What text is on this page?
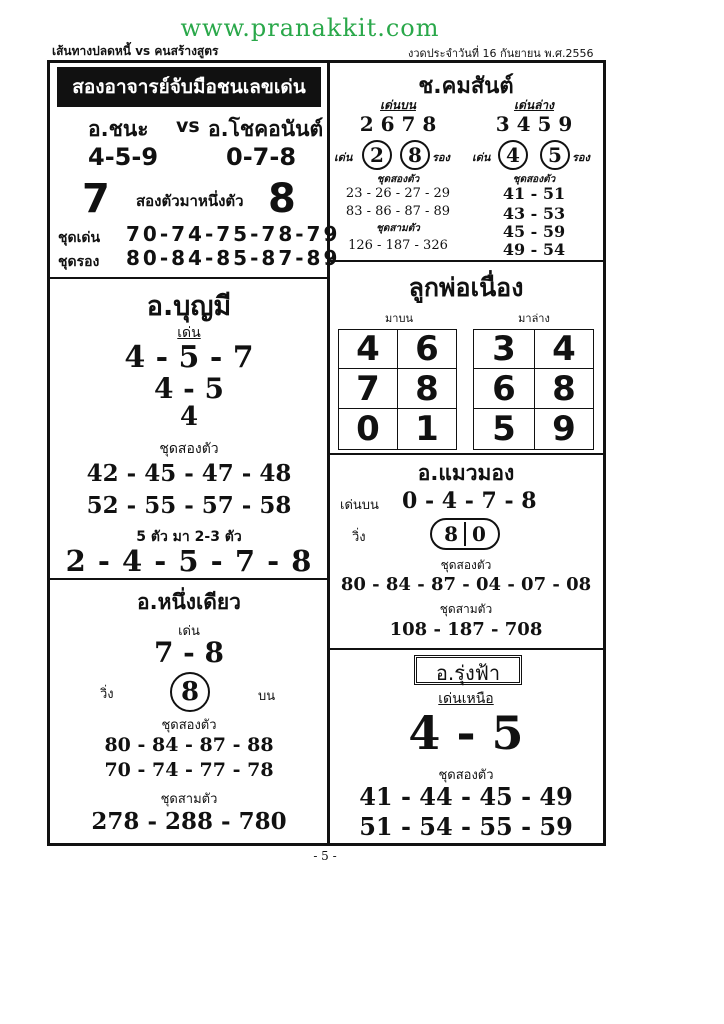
www.pranakkit.com
เส้นทางปลดหนี้ vs คนสร้างสูตร	งวดประจำวันที่ 16 กันยายน พ.ศ.2556
สองอาจารย์จับมือชนเลขเด่น
อ.ชนะ vs อ.โชคอนันต์
4-5-9	0-7-8
7 สองตัวมาหนึ่งตัว 8
ชุดเด่น 70-74-75-78-79
ชุดรอง 80-84-85-87-89
ช.คมสันต์
เด่นบน	เด่นล่าง
2 6 7 8	3 4 5 9
เด่น 2 8 รอง เด่น 4 5 รอง
ชุดสองตัว
23 - 26 - 27 - 29
83 - 86 - 87 - 89
ชุดสามตัว
126 - 187 - 326
ชุดสองตัว
41 - 51
43 - 53
45 - 59
49 - 54
อ.บุญมี
เด่น
4 - 5 - 7
4 - 5
4
ชุดสองตัว
42 - 45 - 47 - 48
52 - 55 - 57 - 58
5 ตัว มา 2-3 ตัว
2 - 4 - 5 - 7 - 8
ลูกพ่อเนื่อง
มาบน	มาล่าง
4 6
7 8
0 1
3 4
6 8
5 9
อ.แมวมอง
เด่นบน 0 - 4 - 7 - 8
วิ่ง	8 0
ชุดสองตัว
80 - 84 - 87 - 04 - 07 - 08
ชุดสามตัว
108 - 187 - 708
อ.หนึ่งเดียว
เด่น
7 - 8
วิ่ง	8	บน
ชุดสองตัว
80 - 84 - 87 - 88
70 - 74 - 77 - 78
ชุดสามตัว
278 - 288 - 780
อ.รุ่งฟ้า
เด่นเหนือ
4 - 5
ชุดสองตัว
41 - 44 - 45 - 49
51 - 54 - 55 - 59
- 5 -
